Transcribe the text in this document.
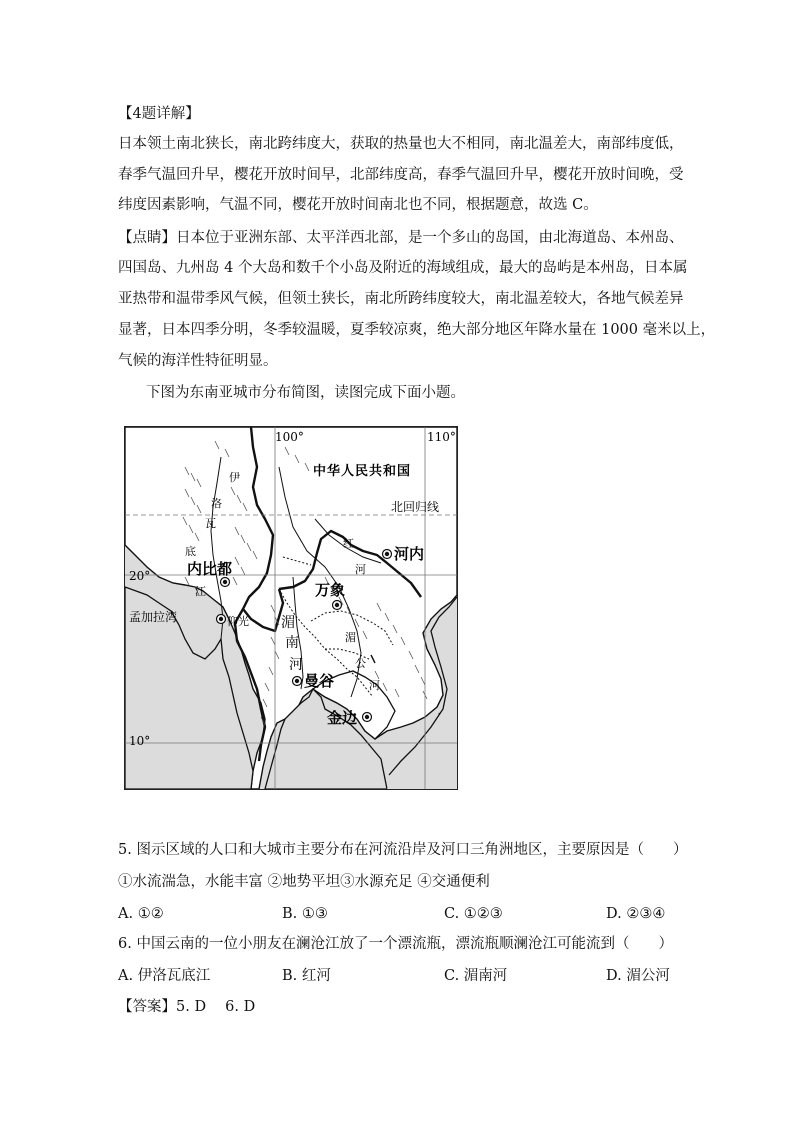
【4题详解】
日本领土南北狭长，南北跨纬度大，获取的热量也大不相同，南北温差大，南部纬度低，
春季气温回升早，樱花开放时间早，北部纬度高，春季气温回升早，樱花开放时间晚，受
纬度因素影响，气温不同，樱花开放时间南北也不同，根据题意，故选 C。
【点睛】日本位于亚洲东部、太平洋西北部，是一个多山的岛国，由北海道岛、本州岛、
四国岛、九州岛 4 个大岛和数千个小岛及附近的海域组成，最大的岛屿是本州岛，日本属
亚热带和温带季风气候，但领土狭长，南北所跨纬度较大，南北温差较大，各地气候差异
显著，日本四季分明，冬季较温暖，夏季较凉爽，绝大部分地区年降水量在 1000 毫米以上，
气候的海洋性特征明显。
下图为东南亚城市分布简图，读图完成下面小题。
100°	110°
20°
10°
中华人民共和国
北回归线
孟加拉湾
伊
洛
瓦
底
江
红
河
湄
南
河
湄
公
河
内比都
仰光
万象
河内
曼谷
金边
5. 图示区域的人口和大城市主要分布在河流沿岸及河口三角洲地区，主要原因是（　　）
①水流湍急，水能丰富 ②地势平坦③水源充足 ④交通便利
A. ①②	B. ①③	C. ①②③	D. ②③④
6. 中国云南的一位小朋友在澜沧江放了一个漂流瓶，漂流瓶顺澜沧江可能流到（　　）
A. 伊洛瓦底江	B. 红河	C. 湄南河	D. 湄公河
【答案】5. D　 6. D
